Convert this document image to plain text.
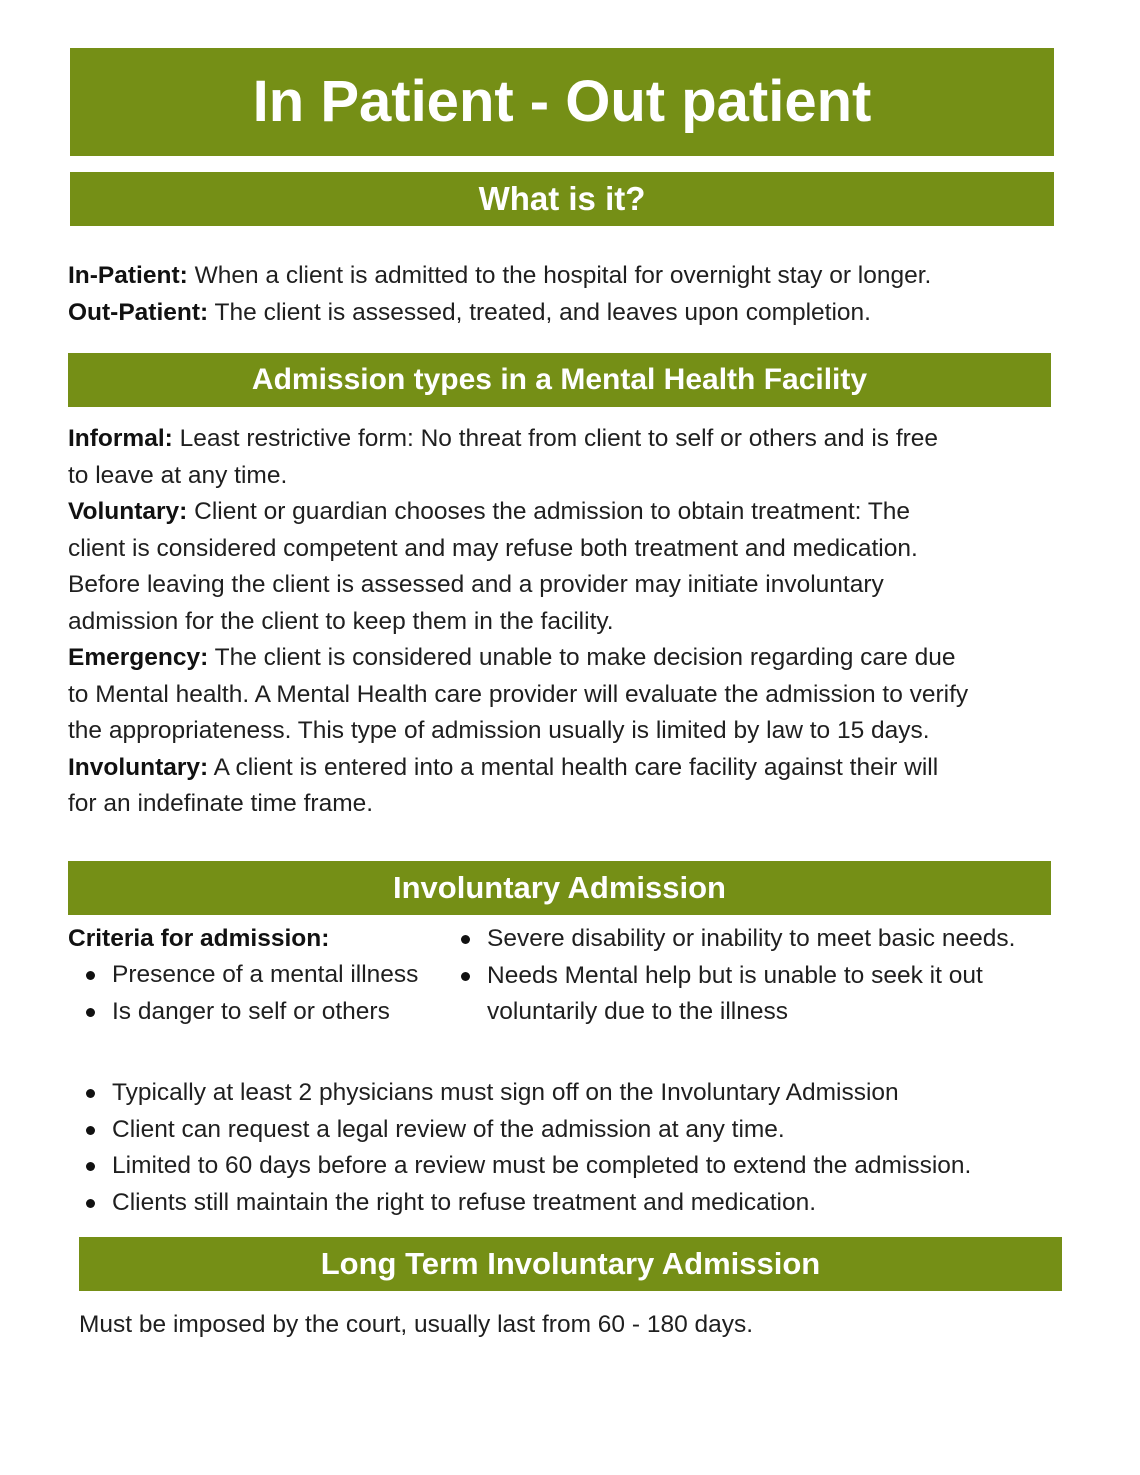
In Patient - Out patient
What is it?
In-Patient: When a client is admitted to the hospital for overnight stay or longer.
Out-Patient: The client is assessed, treated, and leaves upon completion.
Admission types in a Mental Health Facility
Informal: Least restrictive form: No threat from client to self or others and is free
to leave at any time.
Voluntary: Client or guardian chooses the admission to obtain treatment: The
client is considered competent and may refuse both treatment and medication.
Before leaving the client is assessed and a provider may initiate involuntary
admission for the client to keep them in the facility.
Emergency: The client is considered unable to make decision regarding care due
to Mental health. A Mental Health care provider will evaluate the admission to verify
the appropriateness. This type of admission usually is limited by law to 15 days.
Involuntary: A client is entered into a mental health care facility against their will
for an indefinate time frame.
Involuntary Admission
Criteria for admission:
Presence of a mental illness
Is danger to self or others
Severe disability or inability to meet basic needs.
Needs Mental help but is unable to seek it out voluntarily due to the illness
Typically at least 2 physicians must sign off on the Involuntary Admission
Client can request a legal review of the admission at any time.
Limited to 60 days before a review must be completed to extend the admission.
Clients still maintain the right to refuse treatment and medication.
Long Term Involuntary Admission
Must be imposed by the court, usually last from 60 - 180 days.
